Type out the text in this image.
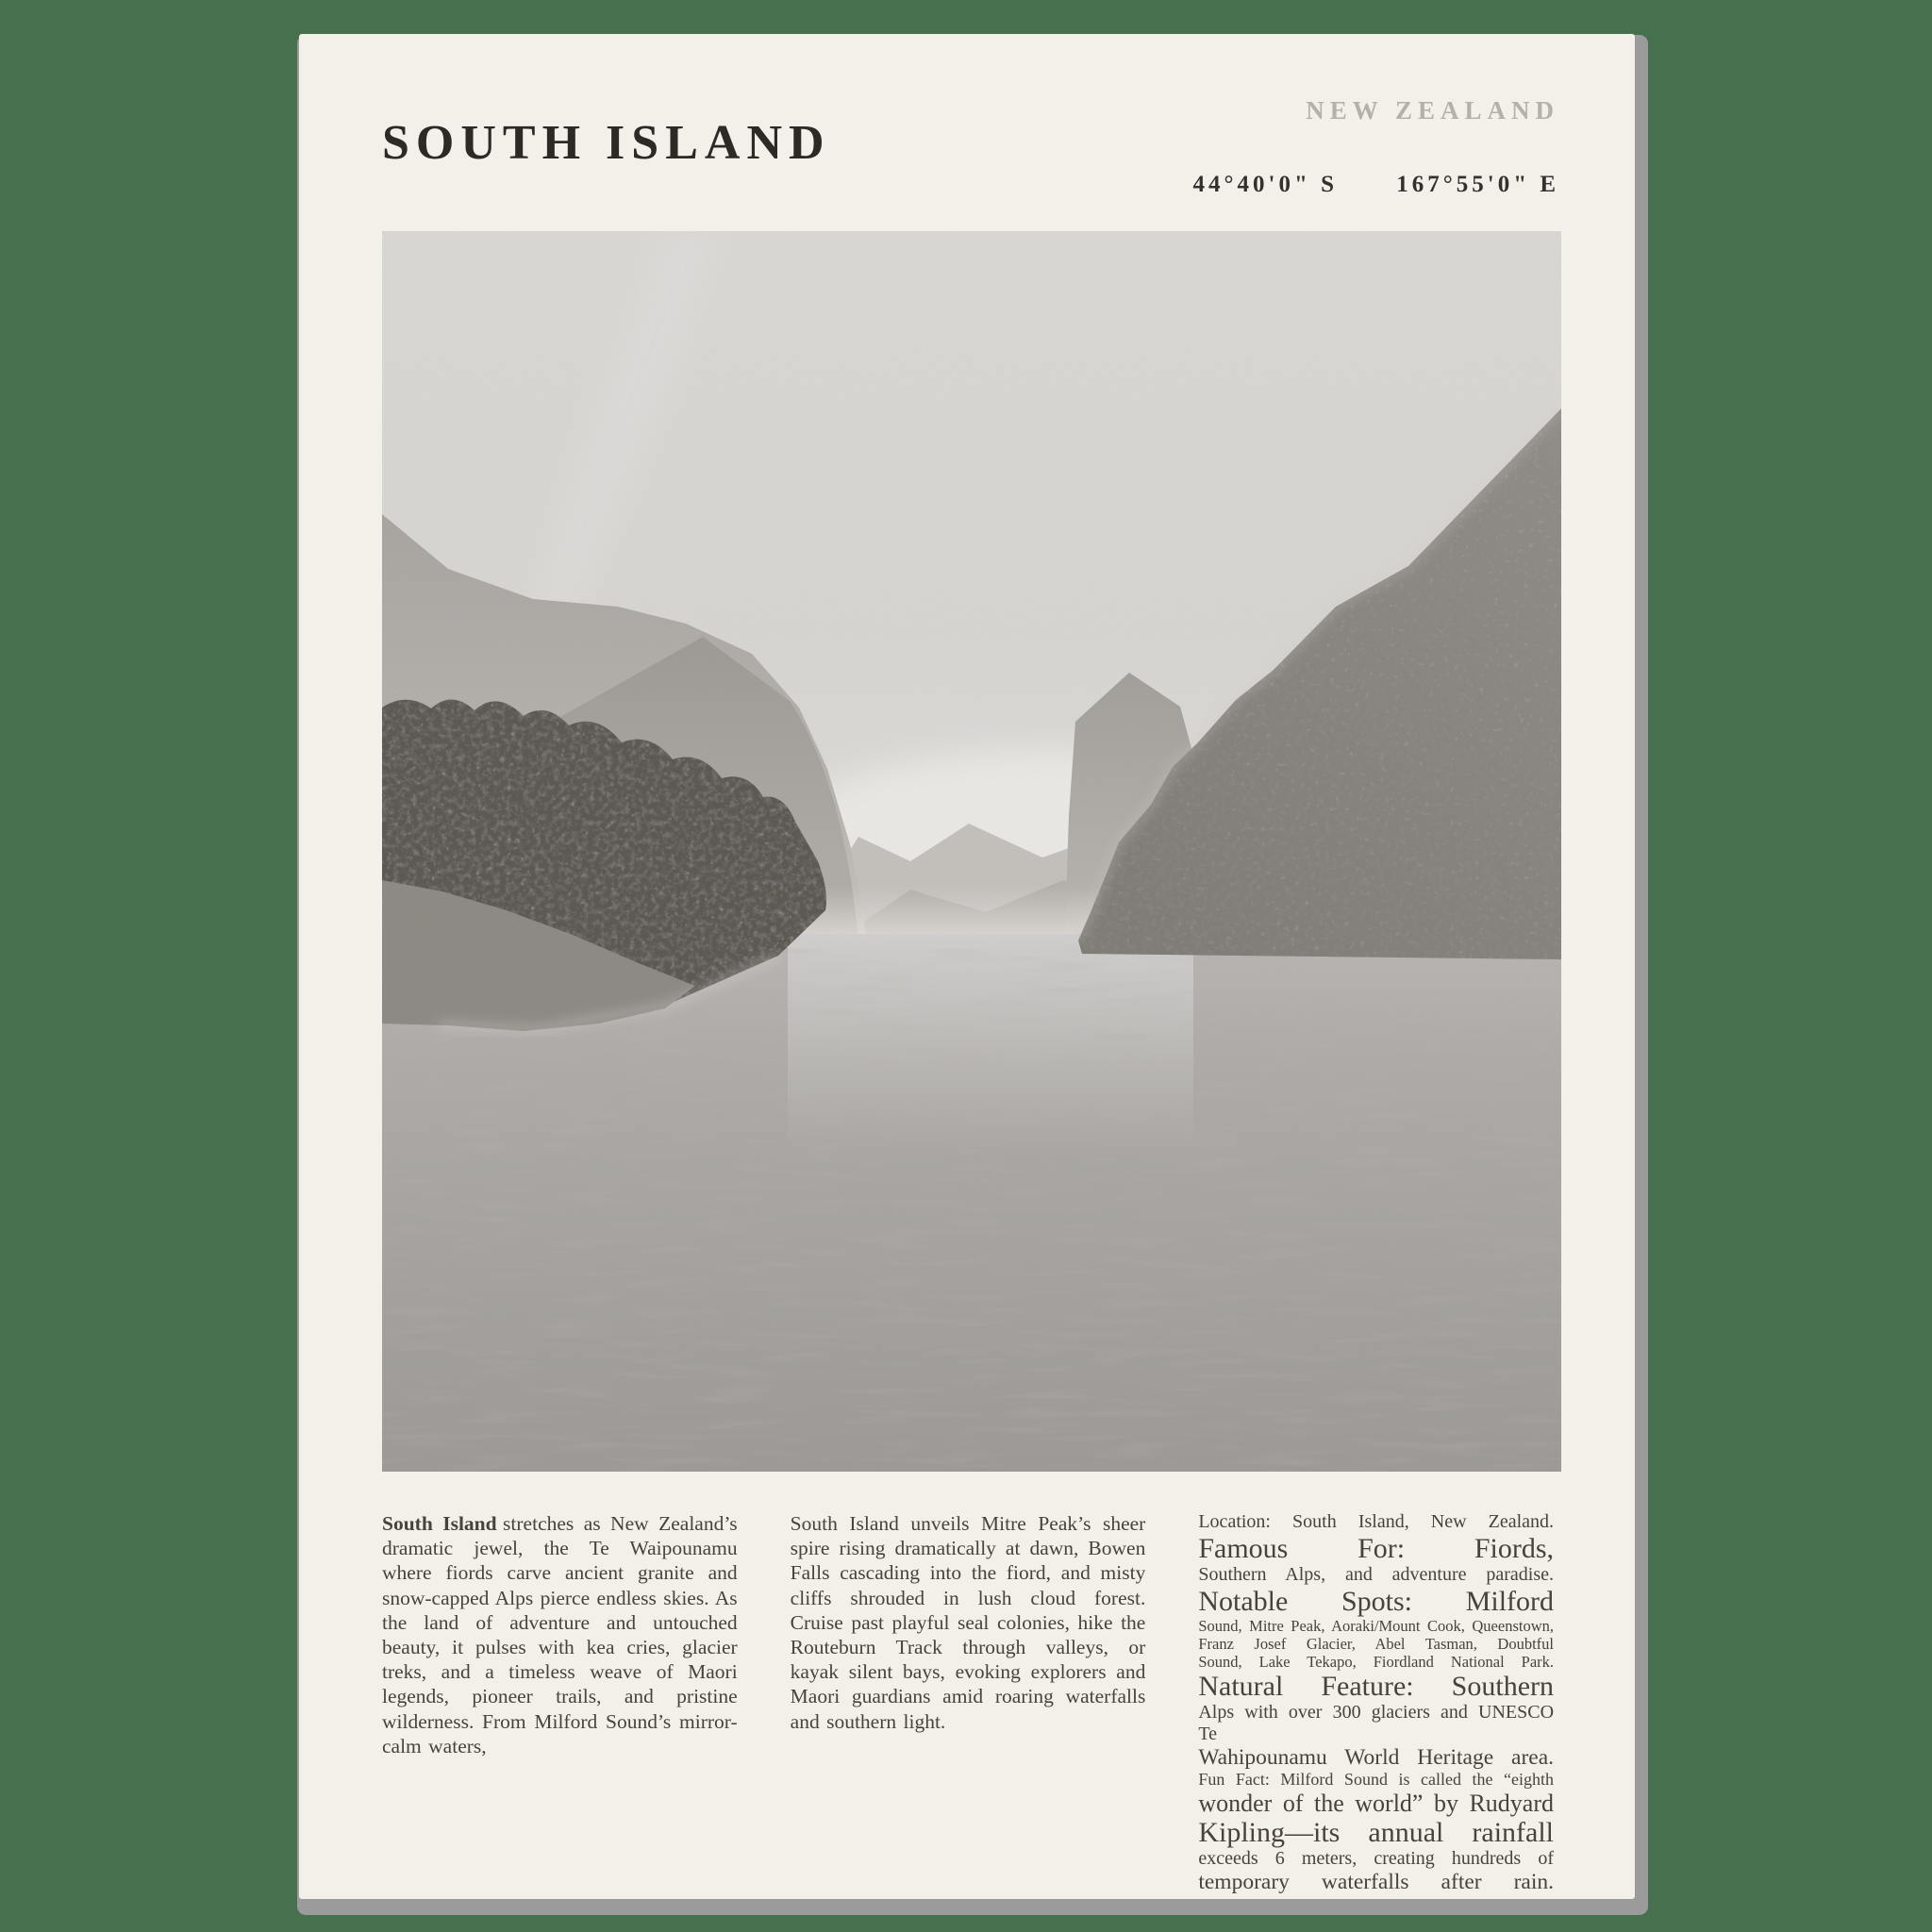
SOUTH ISLAND
NEW ZEALAND
44°40'0" S 167°55'0" E
South Island stretches as New Zealand’s dramatic jewel, the Te Waipounamu where fiords carve ancient granite and snow-capped Alps pierce endless skies. As the land of adventure and untouched beauty, it pulses with kea cries, glacier treks, and a timeless weave of Maori legends, pioneer trails, and pristine wilderness. From Milford Sound’s mirror-calm waters,
South Island unveils Mitre Peak’s sheer spire rising dramatically at dawn, Bowen Falls cascading into the fiord, and misty cliffs shrouded in lush cloud forest. Cruise past playful seal colonies, hike the Routeburn Track through valleys, or kayak silent bays, evoking explorers and Maori guardians amid roaring waterfalls and southern light.
Location: South Island, New Zealand.
Famous For: Fiords,
Southern Alps, and adventure paradise.
Notable Spots: Milford
Sound, Mitre Peak, Aoraki/Mount Cook, Queenstown,
Franz Josef Glacier, Abel Tasman, Doubtful
Sound, Lake Tekapo, Fiordland National Park.
Natural Feature: Southern
Alps with over 300 glaciers and UNESCO Te
Wahipounamu World Heritage area.
Fun Fact: Milford Sound is called the “eighth
wonder of the world” by Rudyard
Kipling—its annual rainfall
exceeds 6 meters, creating hundreds of
temporary waterfalls after rain.
